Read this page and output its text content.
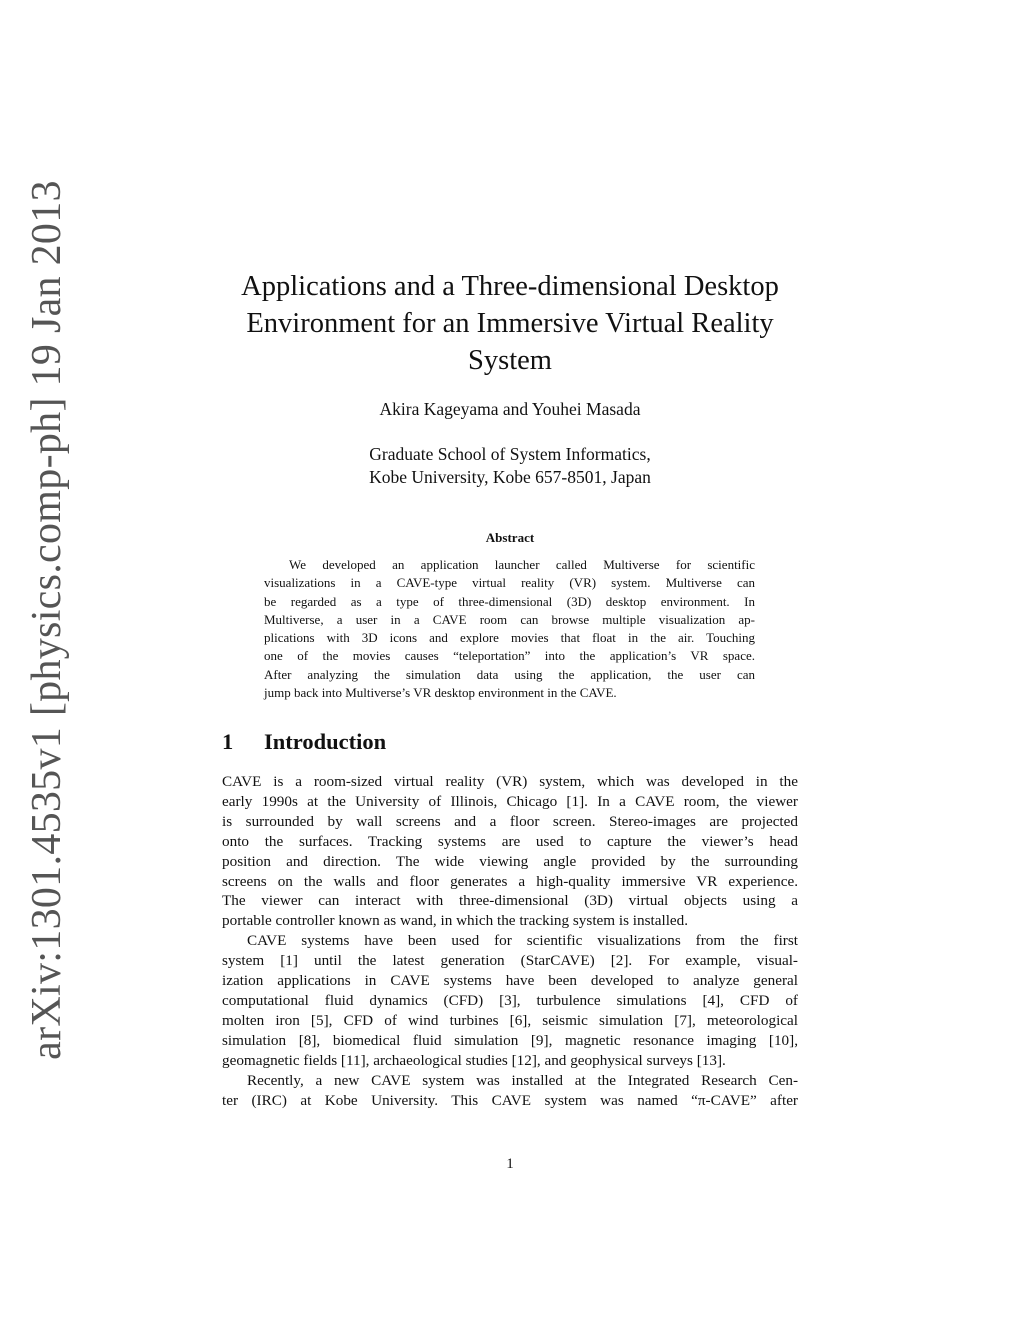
arXiv:1301.4535v1 [physics.comp-ph] 19 Jan 2013	Applications and a Three-dimensional Desktop
Environment for an Immersive Virtual Reality
System
Akira Kageyama and Youhei Masada
Graduate School of System Informatics,
Kobe University, Kobe 657-8501, Japan
Abstract
We developed an application launcher called Multiverse for scientific
visualizations in a CAVE-type virtual reality (VR) system. Multiverse can
be regarded as a type of three-dimensional (3D) desktop environment. In
Multiverse, a user in a CAVE room can browse multiple visualization ap-
plications with 3D icons and explore movies that float in the air. Touching
one of the movies causes “teleportation” into the application’s VR space.
After analyzing the simulation data using the application, the user can
jump back into Multiverse’s VR desktop environment in the CAVE.
1 Introduction
CAVE is a room-sized virtual reality (VR) system, which was developed in the
early 1990s at the University of Illinois, Chicago [1]. In a CAVE room, the viewer
is surrounded by wall screens and a floor screen. Stereo-images are projected
onto the surfaces. Tracking systems are used to capture the viewer’s head
position and direction. The wide viewing angle provided by the surrounding
screens on the walls and floor generates a high-quality immersive VR experience.
The viewer can interact with three-dimensional (3D) virtual objects using a
portable controller known as wand, in which the tracking system is installed.
CAVE systems have been used for scientific visualizations from the first
system [1] until the latest generation (StarCAVE) [2]. For example, visual-
ization applications in CAVE systems have been developed to analyze general
computational fluid dynamics (CFD) [3], turbulence simulations [4], CFD of
molten iron [5], CFD of wind turbines [6], seismic simulation [7], meteorological
simulation [8], biomedical fluid simulation [9], magnetic resonance imaging [10],
geomagnetic fields [11], archaeological studies [12], and geophysical surveys [13].
Recently, a new CAVE system was installed at the Integrated Research Cen-
ter (IRC) at Kobe University. This CAVE system was named “π-CAVE” after
1
